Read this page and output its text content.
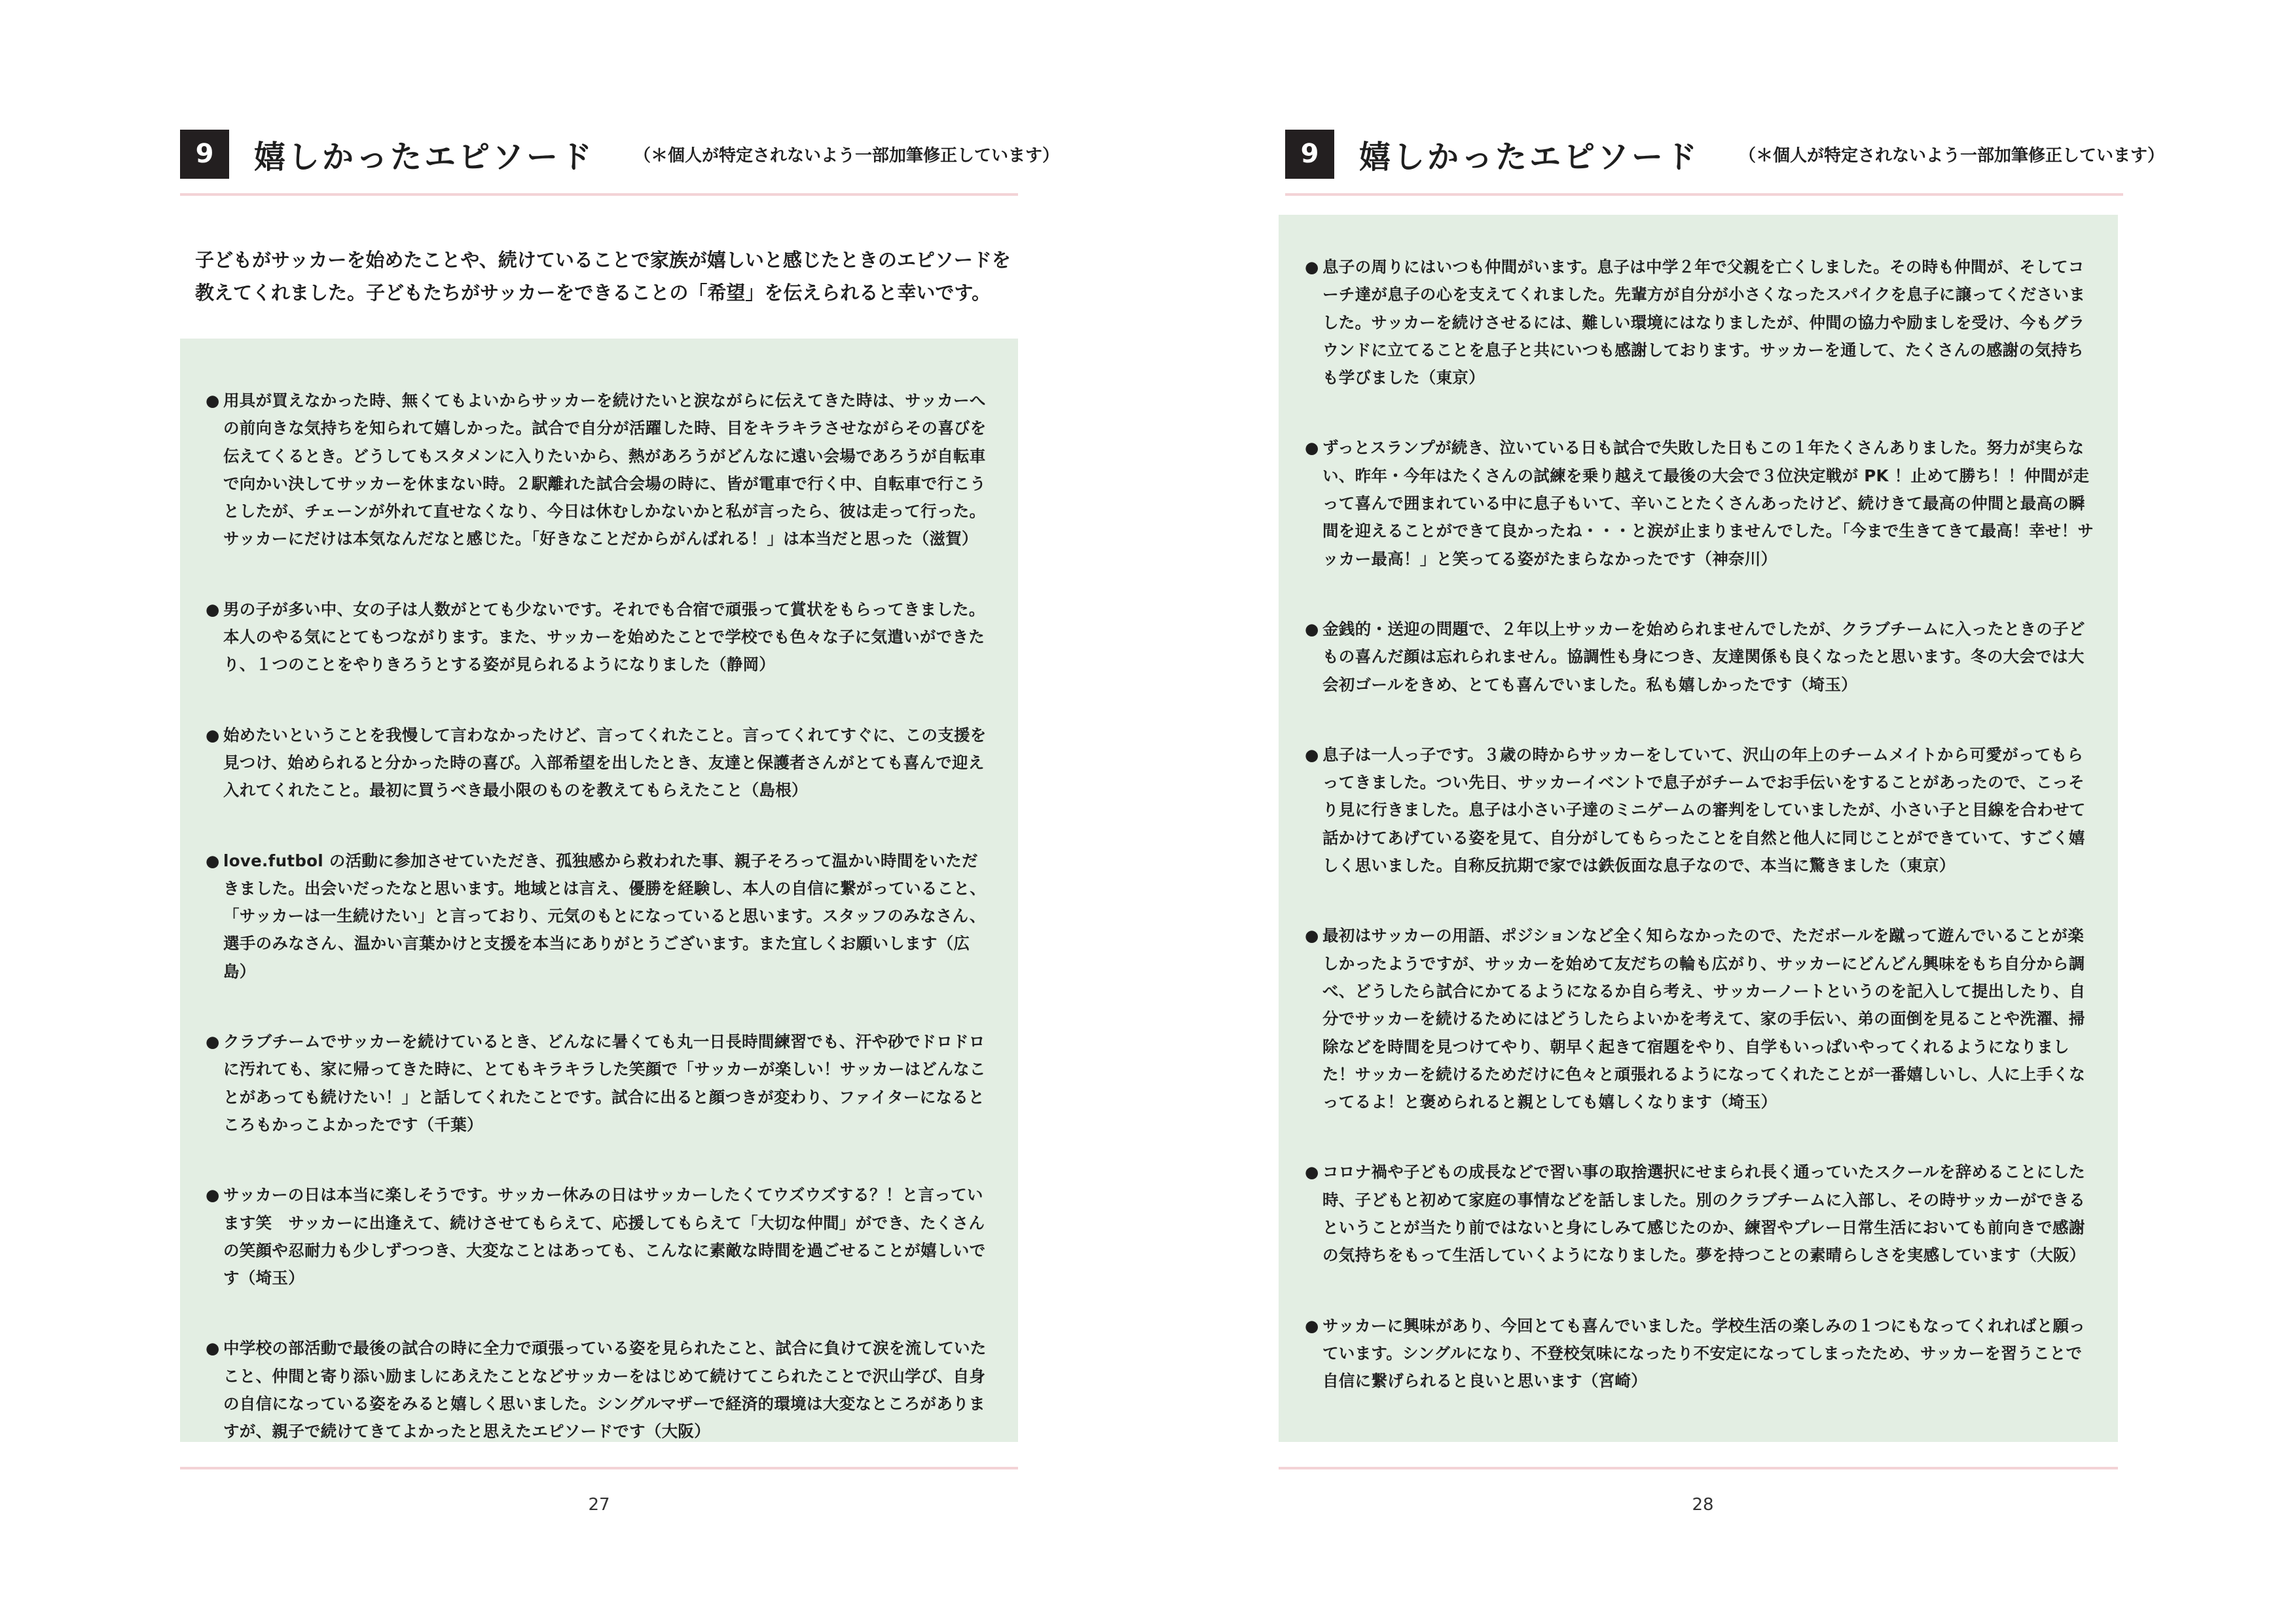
9	嬉しかったエピソード （＊個人が特定されないよう一部加筆修正しています）
子どもがサッカーを始めたことや、続けていることで家族が嬉しいと感じたときのエピソードを教えてくれました。子どもたちがサッカーをできることの「希望」を伝えられると幸いです。
● 用具が買えなかった時、無くてもよいからサッカーを続けたいと涙ながらに伝えてきた時は、サッカーへの前向きな気持ちを知られて嬉しかった。試合で自分が活躍した時、目をキラキラさせながらその喜びを伝えてくるとき。どうしてもスタメンに入りたいから、熱があろうがどんなに遠い会場であろうが自転車で向かい決してサッカーを休まない時。２駅離れた試合会場の時に、皆が電車で行く中、自転車で行こうとしたが、チェーンが外れて直せなくなり、今日は休むしかないかと私が言ったら、彼は走って行った。サッカーにだけは本気なんだなと感じた。「好きなことだからがんばれる！」は本当だと思った（滋賀）
● 男の子が多い中、女の子は人数がとても少ないです。それでも合宿で頑張って賞状をもらってきました。本人のやる気にとてもつながります。また、サッカーを始めたことで学校でも色々な子に気遣いができたり、１つのことをやりきろうとする姿が見られるようになりました（静岡）
● 始めたいということを我慢して言わなかったけど、言ってくれたこと。言ってくれてすぐに、この支援を見つけ、始められると分かった時の喜び。入部希望を出したとき、友達と保護者さんがとても喜んで迎え入れてくれたこと。最初に買うべき最小限のものを教えてもらえたこと（島根）
● love.futbol の活動に参加させていただき、孤独感から救われた事、親子そろって温かい時間をいただきました。出会いだったなと思います。地域とは言え、優勝を経験し、本人の自信に繋がっていること、「サッカーは一生続けたい」と言っており、元気のもとになっていると思います。スタッフのみなさん、選手のみなさん、温かい言葉かけと支援を本当にありがとうございます。また宜しくお願いします（広島）
● クラブチームでサッカーを続けているとき、どんなに暑くても丸一日長時間練習でも、汗や砂でドロドロに汚れても、家に帰ってきた時に、とてもキラキラした笑顔で「サッカーが楽しい！サッカーはどんなことがあっても続けたい！」と話してくれたことです。試合に出ると顔つきが変わり、ファイターになるところもかっこよかったです（千葉）
● サッカーの日は本当に楽しそうです。サッカー休みの日はサッカーしたくてウズウズする？！と言っています笑　サッカーに出逢えて、続けさせてもらえて、応援してもらえて「大切な仲間」ができ、たくさんの笑顔や忍耐力も少しずつつき、大変なことはあっても、こんなに素敵な時間を過ごせることが嬉しいです（埼玉）
● 中学校の部活動で最後の試合の時に全力で頑張っている姿を見られたこと、試合に負けて涙を流していたこと、仲間と寄り添い励ましにあえたことなどサッカーをはじめて続けてこられたことで沢山学び、自身の自信になっている姿をみると嬉しく思いました。シングルマザーで経済的環境は大変なところがありますが、親子で続けてきてよかったと思えたエピソードです（大阪）
27
9	嬉しかったエピソード （＊個人が特定されないよう一部加筆修正しています）
● 息子の周りにはいつも仲間がいます。息子は中学２年で父親を亡くしました。その時も仲間が、そしてコーチ達が息子の心を支えてくれました。先輩方が自分が小さくなったスパイクを息子に譲ってくださいました。サッカーを続けさせるには、難しい環境にはなりましたが、仲間の協力や励ましを受け、今もグラウンドに立てることを息子と共にいつも感謝しております。サッカーを通して、たくさんの感謝の気持ちも学びました（東京）
● ずっとスランプが続き、泣いている日も試合で失敗した日もこの１年たくさんありました。努力が実らない、昨年・今年はたくさんの試練を乗り越えて最後の大会で３位決定戦が PK ！止めて勝ち！！仲間が走って喜んで囲まれている中に息子もいて、辛いことたくさんあったけど、続けきて最高の仲間と最高の瞬間を迎えることができて良かったね・・・と涙が止まりませんでした。「今まで生きてきて最高！幸せ！サッカー最高！」と笑ってる姿がたまらなかったです（神奈川）
● 金銭的・送迎の問題で、２年以上サッカーを始められませんでしたが、クラブチームに入ったときの子どもの喜んだ顔は忘れられません。協調性も身につき、友達関係も良くなったと思います。冬の大会では大会初ゴールをきめ、とても喜んでいました。私も嬉しかったです（埼玉）
● 息子は一人っ子です。３歳の時からサッカーをしていて、沢山の年上のチームメイトから可愛がってもらってきました。つい先日、サッカーイベントで息子がチームでお手伝いをすることがあったので、こっそり見に行きました。息子は小さい子達のミニゲームの審判をしていましたが、小さい子と目線を合わせて話かけてあげている姿を見て、自分がしてもらったことを自然と他人に同じことができていて、すごく嬉しく思いました。自称反抗期で家では鉄仮面な息子なので、本当に驚きました（東京）
● 最初はサッカーの用語、ポジションなど全く知らなかったので、ただボールを蹴って遊んでいることが楽しかったようですが、サッカーを始めて友だちの輪も広がり、サッカーにどんどん興味をもち自分から調べ、どうしたら試合にかてるようになるか自ら考え、サッカーノートというのを記入して提出したり、自分でサッカーを続けるためにはどうしたらよいかを考えて、家の手伝い、弟の面倒を見ることや洗濯、掃除などを時間を見つけてやり、朝早く起きて宿題をやり、自学もいっぱいやってくれるようになりました！サッカーを続けるためだけに色々と頑張れるようになってくれたことが一番嬉しいし、人に上手くなってるよ！と褒められると親としても嬉しくなります（埼玉）
● コロナ禍や子どもの成長などで習い事の取捨選択にせまられ長く通っていたスクールを辞めることにした時、子どもと初めて家庭の事情などを話しました。別のクラブチームに入部し、その時サッカーができるということが当たり前ではないと身にしみて感じたのか、練習やプレー日常生活においても前向きで感謝の気持ちをもって生活していくようになりました。夢を持つことの素晴らしさを実感しています（大阪）
● サッカーに興味があり、今回とても喜んでいました。学校生活の楽しみの１つにもなってくれればと願っています。シングルになり、不登校気味になったり不安定になってしまったため、サッカーを習うことで自信に繋げられると良いと思います（宮崎）
28
